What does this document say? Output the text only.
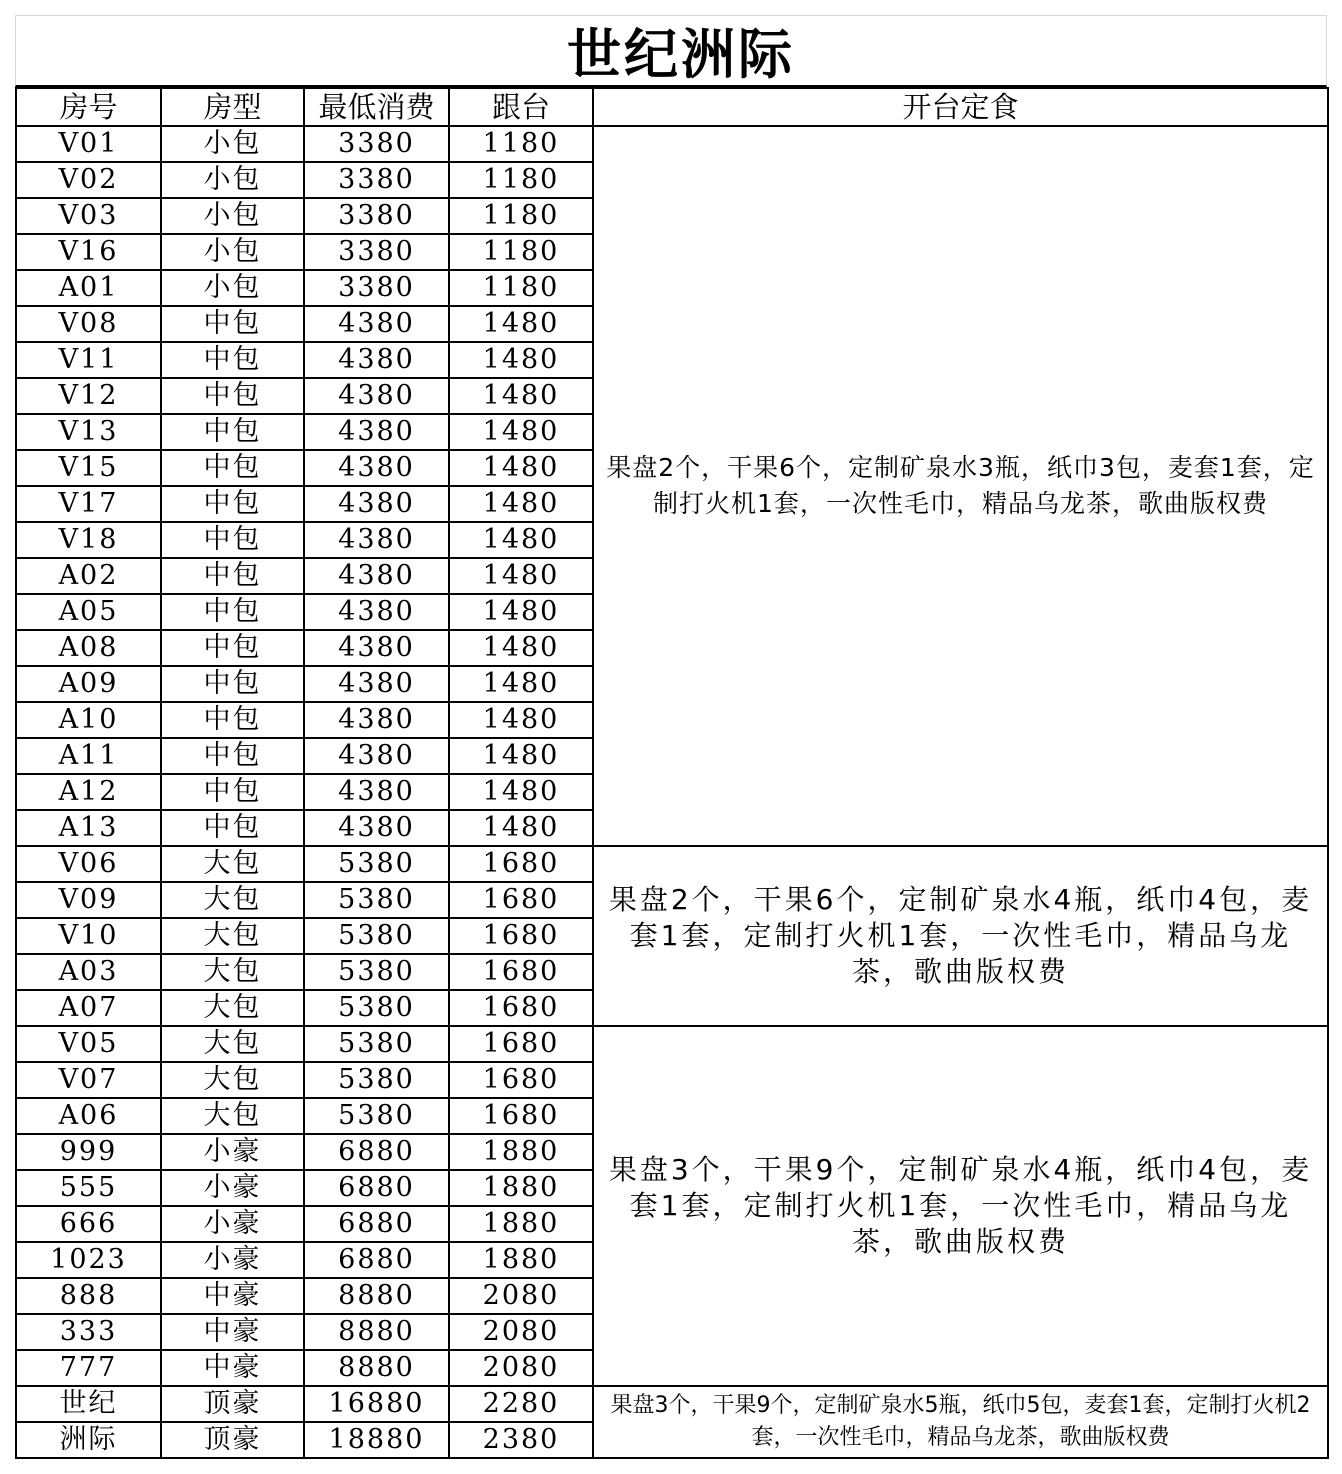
世纪洲际
房号	房型	最低消费	跟台	开台定食
V01	小包	3380	1180	果盘2个，干果6个，定制矿泉水3瓶，纸巾3包，麦套1套，定制打火机1套，一次性毛巾，精品乌龙茶，歌曲版权费
V02	小包	3380	1180	
V03	小包	3380	1180	
V16	小包	3380	1180	
A01	小包	3380	1180	
V08	中包	4380	1480	
V11	中包	4380	1480	
V12	中包	4380	1480	
V13	中包	4380	1480	
V15	中包	4380	1480	
V17	中包	4380	1480	
V18	中包	4380	1480	
A02	中包	4380	1480	
A05	中包	4380	1480	
A08	中包	4380	1480	
A09	中包	4380	1480	
A10	中包	4380	1480	
A11	中包	4380	1480	
A12	中包	4380	1480	
A13	中包	4380	1480	
V06	大包	5380	1680	果盘2个，干果6个，定制矿泉水4瓶，纸巾4包，麦套1套，定制打火机1套，一次性毛巾，精品乌龙茶，歌曲版权费
V09	大包	5380	1680	
V10	大包	5380	1680	
A03	大包	5380	1680	
A07	大包	5380	1680	
V05	大包	5380	1680	果盘3个，干果9个，定制矿泉水4瓶，纸巾4包，麦套1套，定制打火机1套，一次性毛巾，精品乌龙茶，歌曲版权费
V07	大包	5380	1680	
A06	大包	5380	1680	
999	小豪	6880	1880	
555	小豪	6880	1880	
666	小豪	6880	1880	
1023	小豪	6880	1880	
888	中豪	8880	2080	
333	中豪	8880	2080	
777	中豪	8880	2080	
世纪	顶豪	16880	2280	果盘3个，干果9个，定制矿泉水5瓶，纸巾5包，麦套1套，定制打火机2套，一次性毛巾，精品乌龙茶，歌曲版权费
洲际	顶豪	18880	2380	
